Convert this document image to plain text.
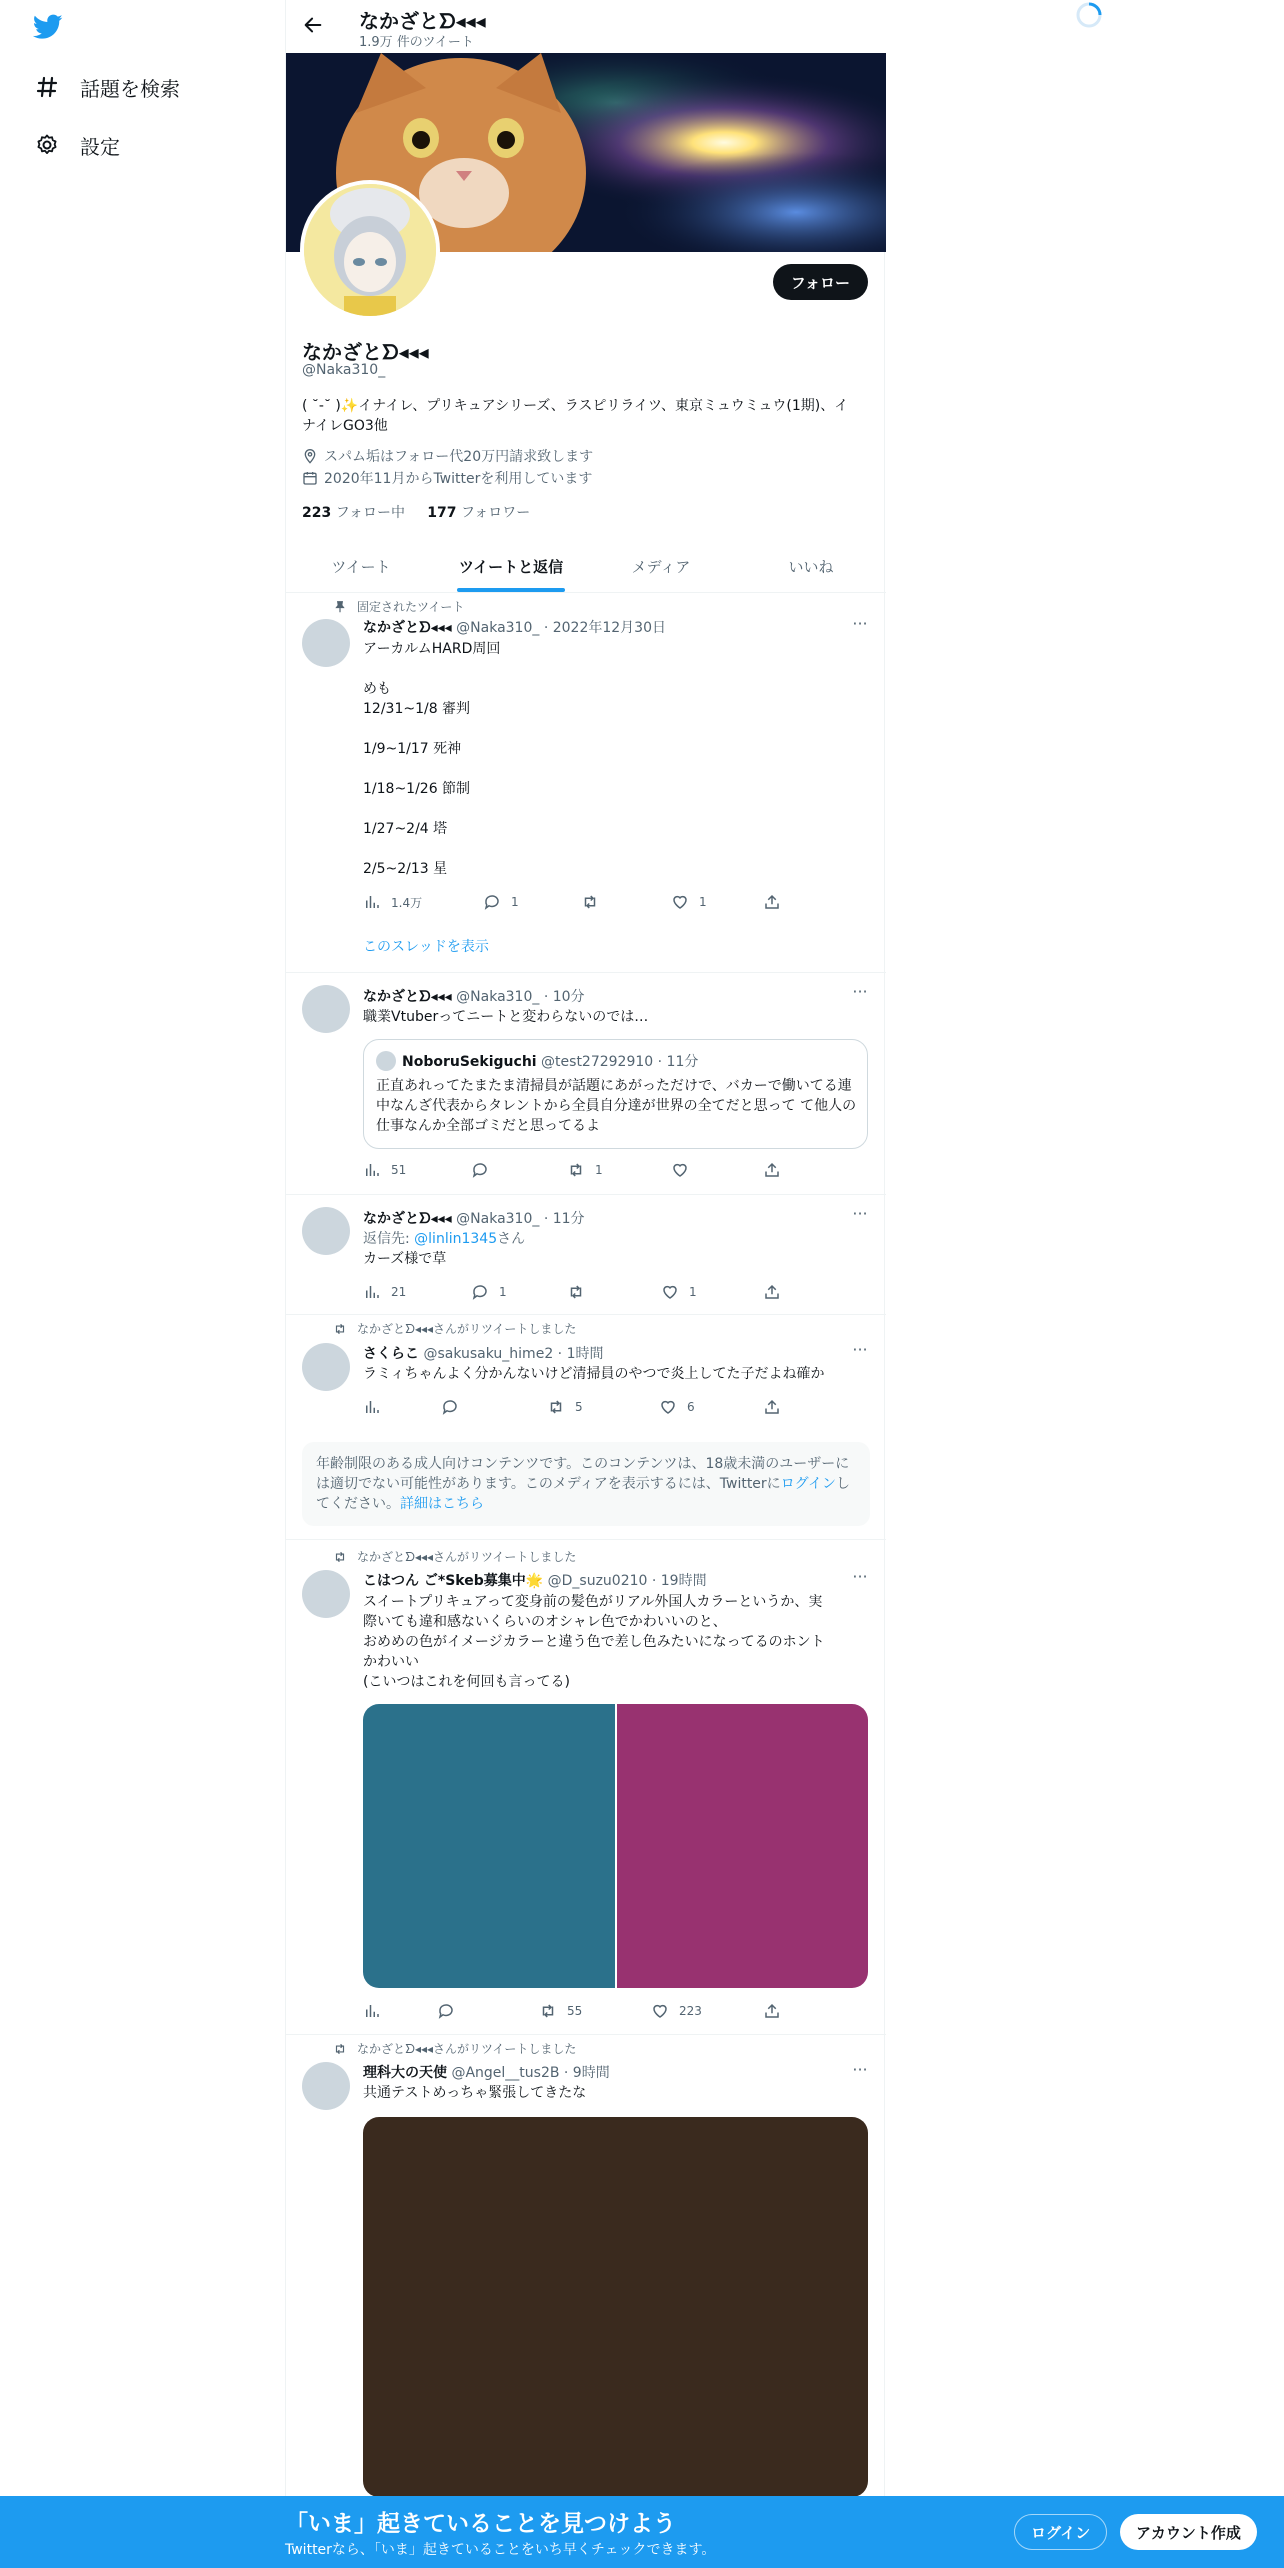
話題を検索
設定
なかざとᗤ◂◂◂
1.9万 件のツイート
フォロー
なかざとᗤ◂◂◂
@Naka310_
( ˘-˘ )✨イナイレ、プリキュアシリーズ、ラスピリライツ、東京ミュウミュウ(1期)、イナイレGO3他
スパム垢はフォロー代20万円請求致します
2020年11月からTwitterを利用しています
223 フォロー中 177 フォロワー
ツイート	ツイートと返信	メディア	いいね
固定されたツイート
なかざとᗤ◂◂◂ @Naka310_ · 2022年12月30日	···
アーカルムHARD周回
めも
12/31~1/8 審判
1/9~1/17 死神
1/18~1/26 節制
1/27~2/4 塔
2/5~2/13 星
1.4万	1	1
このスレッドを表示
なかざとᗤ◂◂◂ @Naka310_ · 10分	···
職業Vtuberってニートと変わらないのでは…
NoboruSekiguchi @test27292910 · 11分
正直あれってたまたま清掃員が話題にあがっただけで、バカーで働いてる連中なんざ代表からタレントから全員自分達が世界の全てだと思って て他人の仕事なんか全部ゴミだと思ってるよ
51	1
なかざとᗤ◂◂◂ @Naka310_ · 11分	···
返信先: @linlin1345さん
カーズ様で草
21	1	1
なかざとᗤ◂◂◂さんがリツイートしました
さくらこ @sakusaku_hime2 · 1時間	···
ラミィちゃんよく分かんないけど清掃員のやつで炎上してた子だよね確か
5	6
年齢制限のある成人向けコンテンツです。このコンテンツは、18歳未満のユーザーには適切でない可能性があります。このメディアを表示するには、Twitterにログインしてください。詳細はこちら
なかざとᗤ◂◂◂さんがリツイートしました
こはつん ご*Skeb募集中🌟 @D_suzu0210 · 19時間	···
スイートプリキュアって変身前の髪色がリアル外国人カラーというか、実
際いても違和感ないくらいのオシャレ色でかわいいのと、
おめめの色がイメージカラーと違う色で差し色みたいになってるのホント
かわいい
(こいつはこれを何回も言ってる)
55	223
なかざとᗤ◂◂◂さんがリツイートしました
理科大の天使 @Angel__tus2B · 9時間	···
共通テストめっちゃ緊張してきたな
「いま」起きていることを見つけよう
Twitterなら、「いま」起きていることをいち早くチェックできます。
ログイン	アカウント作成
